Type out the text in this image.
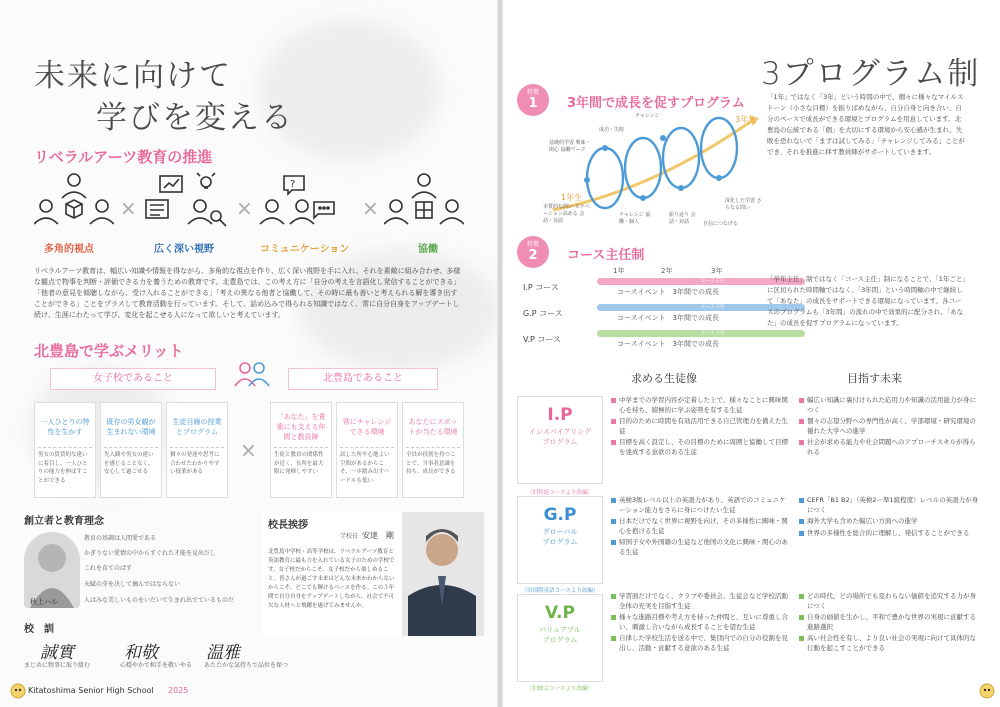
未来に向けて
学びを変える
リベラルアーツ教育の推進
×	×
?
×
多角的視点	広く深い視野	コミュニケーション	協働
リベラルアーツ教育は、幅広い知識や情報を得ながら、多角的な視点を作り、広く深い視野を手に入れ、それを素敵に組み合わせ、多様な観点で物事を判断・評価できる力を養うための教育です。北豊島では、この考え方に「自分の考えを言語化し発信することができる」「他者の意見を傾聴しながら、受け入れることができる」「考えの異なる他者と協働して、その時に最も善いと考えられる解を導き出すことができる」ことをプラスして教育活動を行っています。そして、話め込みで得られる知識ではなく、常に自分自身をアップデートし続け、生涯にわたって学び、変化を起こせる人になって欲しいと考えています。
北豊島で学ぶメリット
女子校であること	北豊島であること
一人ひとりの特性を生かす
男女の賃賃的な違いに着目し、一人ひとりの能力を伸ばすことができる
既存の男女観が生まれない環境
先入観や男女の違いを感じることなく、安心して過ごせる
生徒目線の授業とプログラム
個々の発達や思考に合わせたわかりやすい授業がある
×
「あなた」を貴重にも支える仲間と教員陣
生徒と教員の関係性が近く、長所を最大限に発揮しやすい
常にチャレンジできる環境
試した所や心地よい空間があるからこそ、一歩踏み出すハードルも低い
あなたにスポットが当たる環境
全員が役割を持つことで、当事者意識を持ち、成長ができる
創立者と教育理念
秋上ハル
教育の基調は人間愛である
かぎりない愛情の中からすぐれた才能を見出だし
これを育てのばす
天賦の芽を決して摘んではならない
人はみな美しいものをいだいて生まれ出でているものだ
校　訓
誠實	和敬	温雅
まじめに物事に取り組む	心穏やかで相手を敬いやる あたたかな気持ちで品位を保つ
校長挨拶
学校長 安達　剛
北豊島中学校・高等学校は、リベラルアーツ教育と英語教育に最も力を入れている女子のための学校です。女子校だからこそ、女子校だから楽しめること。皆さんが過ごす未来はどんな未来かわからないからこそ、どこでも輝けるベースを作る。この３年間で自分自身をアップデートしながら、社会で不可欠な人材へと飛躍を遂げてみませんか。
Kitatoshima Senior High School 2025
3プログラム制
特徴
1	3年間で成長を促すプログラム
1年生
3年生
チャレンジ
成功・失敗
基礎的学習 興味・関心 協働ワーク
本質的な問い モチベーション高める 会話・対話
チャレンジ 協働・個人
振り返り 会話・対話	自信につなげる
深化した学習 さらなる問い
「1年」ではなく「3年」という時間の中で、個々に様々なマイルストーン（小さな目標）を振りばめながら、自分自身と向き合い、自分のペースで成長ができる環境とプログラムを用意しています。北豊島の伝統である「個」を大切にする環境から安心感が生まれ、失敗を恐れないで「まずは試してみる」「チャレンジしてみる」ことができ、それを推進に移す教員陣がサポートしていきます。
特徴
2	コース主任制
1年	2年	3年
I.P コース
コース主任
コースイベント　3年間での成長
G.P コース
コース主任
コースイベント　3年間での成長
V.P コース
コース主任
コースイベント　3年間での成長
「学年主任」制ではなく「コース主任」制になることで、「1年ごと」に区切られた時間軸ではなく、「3年間」という時間軸の中で継続して「あなた」の成長をサポートできる環境になっています。各コースのプログラムも「3年間」の流れの中で効果的に配分され、「あなた」の成長を促すプログラムになっています。
求める生徒像	目指す未来
I.P
インスパイアリング
プログラム
（旧特進コースより改編）
中学までの学習内容が定着した上で、様々なことに興味関心を持ち、積極的に学ぶ姿勢を有する生徒
目的のために時間を有効活用できる自己管理力を備えた生徒
目標を高く設定し、その目標のために周囲と協働して目標を達成する意欲のある生徒
幅広い知識に裏付けられた応用力や知識の活用能力が身につく
個々の志望分野への専門性が高く、学部環境・研究環境の優れた大学への進学
社会が求める能力や社会問題へのアプローチスキルが得られる
G.P
グローバル
プログラム
（旧国際英語コースより改編）
英検3級レベル以上の英語力があり、英語でのコミュニケーション能力をさらに身につけたい生徒
日本だけでなく世界に視野を向け、その多様性に興味・関心を抱ける生徒
帰国子女や外国籍の生徒など他国の文化に興味・関心のある生徒
CEFR「B1 B2」（英検2ー準1級程度）レベルの英語力が身につく
海外大学も含めた幅広い方面への進学
世界の多様性を総合的に理解し、発信することができる
V.P
バリュアブル
プログラム
（旧総合コースより改編）
学習面だけでなく、クラブや委員会、生徒会など学校活動全体の充実を目指す生徒
様々な進路目標や考え方を持った仲間と、互いに尊重し合い、刺激し合いながら成長することを望む生徒
自律した学校生活を送る中で、集団内での自分の役割を見出し、活動・貢献する意欲のある生徒
どの時代、どの場所でも変わらない価値を追究する力が身につく
自身の価値を生かし、平和で豊かな世界の実現に貢献する進路選択
高い社会性を有し、より良い社会の実現に向けて具体的な行動を起こすことができる
